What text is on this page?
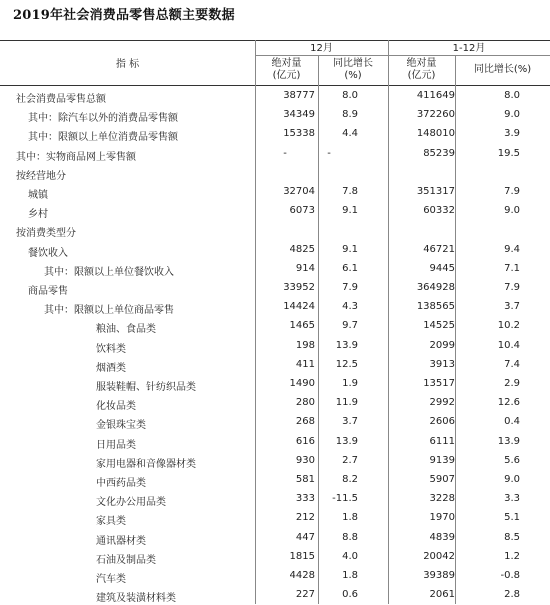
2019年社会消费品零售总额主要数据
指 标
12月	1-12月
绝对量
(亿元)
同比增长
(%)
绝对量
(亿元)
同比增长(%)
社会消费品零售总额	38777	8.0	411649	8.0
其中：除汽车以外的消费品零售额	34349	8.9	372260	9.0
其中：限额以上单位消费品零售额	15338	4.4	148010	3.9
其中：实物商品网上零售额	-	-	85239	19.5
按经营地分
城镇	32704	7.8	351317	7.9
乡村	6073	9.1	60332	9.0
按消费类型分
餐饮收入	4825	9.1	46721	9.4
其中：限额以上单位餐饮收入	914	6.1	9445	7.1
商品零售	33952	7.9	364928	7.9
其中：限额以上单位商品零售	14424	4.3	138565	3.7
粮油、食品类	1465	9.7	14525	10.2
饮料类	198	13.9	2099	10.4
烟酒类	411	12.5	3913	7.4
服装鞋帽、针纺织品类	1490	1.9	13517	2.9
化妆品类	280	11.9	2992	12.6
金银珠宝类	268	3.7	2606	0.4
日用品类	616	13.9	6111	13.9
家用电器和音像器材类	930	2.7	9139	5.6
中西药品类	581	8.2	5907	9.0
文化办公用品类	333	-11.5	3228	3.3
家具类	212	1.8	1970	5.1
通讯器材类	447	8.8	4839	8.5
石油及制品类	1815	4.0	20042	1.2
汽车类	4428	1.8	39389	-0.8
建筑及装潢材料类	227	0.6	2061	2.8
